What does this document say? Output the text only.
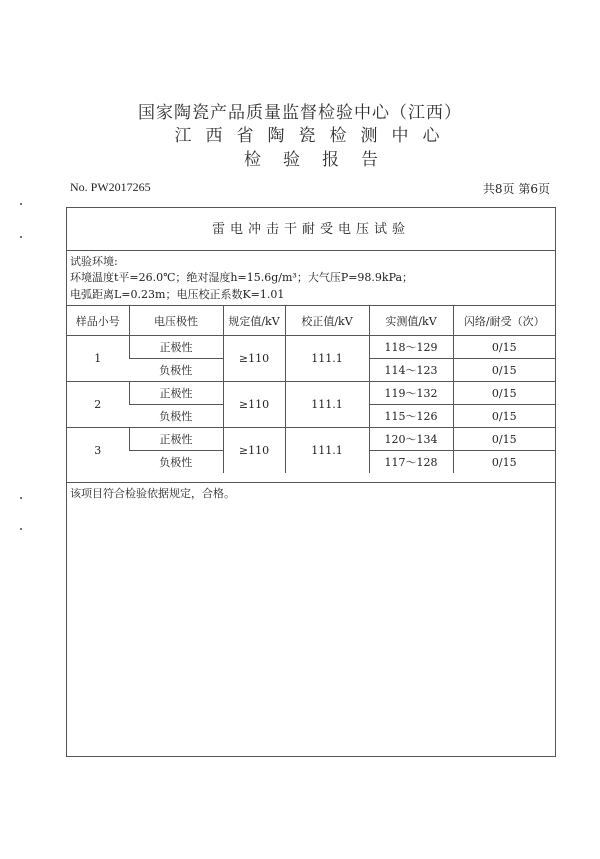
国家陶瓷产品质量监督检验中心（江西）
江西省陶瓷检测中心
检验报告
No. PW2017265	共8页 第6页
雷电冲击干耐受电压试验
试验环境:
环境温度t平=26.0℃；绝对湿度h=15.6g/m³；大气压P=98.9kPa；
电弧距离L=0.23m；电压校正系数K=1.01
样品小号	电压极性	规定值/kV	校正值/kV	实测值/kV	闪络/耐受（次）
1	正极性	≥110	111.1	118～129	0/15
	负极性			114～123	0/15
2	正极性	≥110	111.1	119～132	0/15
	负极性			115～126	0/15
3	正极性	≥110	111.1	120～134	0/15
	负极性			117～128	0/15
该项目符合检验依据规定，合格。
